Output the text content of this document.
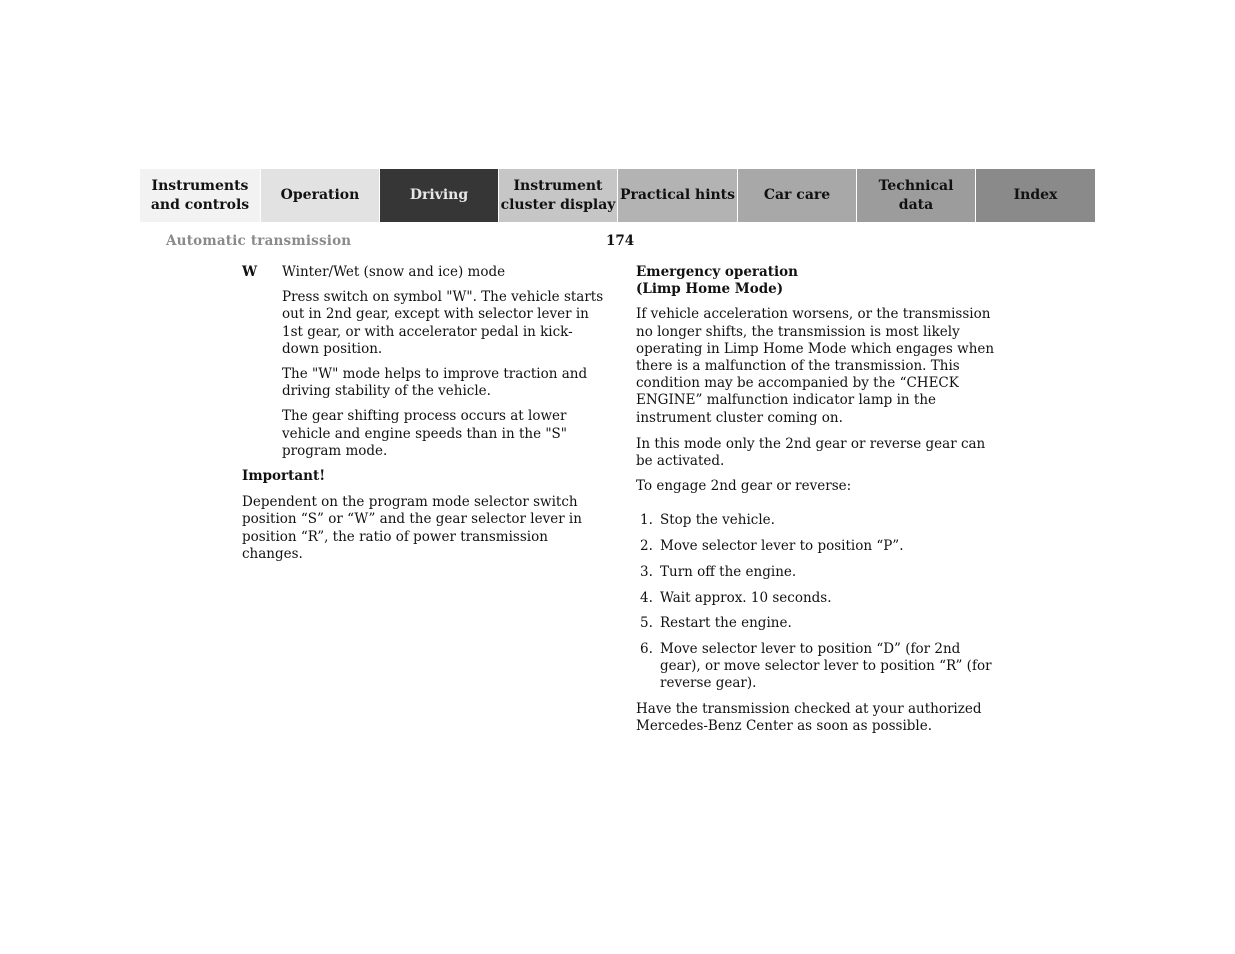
Instruments
and controls
Operation	Driving
Instrument
cluster display
Practical hints	Car care
Technical
data
Index
Automatic transmission	174
W	Winter/Wet (snow and ice) mode

Press switch on symbol "W". The vehicle starts out in 2nd gear, except with selector lever in 1st gear, or with accelerator pedal in kick-down position.

The "W" mode helps to improve traction and driving stability of the vehicle.

The gear shifting process occurs at lower vehicle and engine speeds than in the "S" program mode.

Important!

Dependent on the program mode selector switch position “S” or “W” and the gear selector lever in position “R”, the ratio of power transmission changes.

Emergency operation

(Limp Home Mode)

If vehicle acceleration worsens, or the transmission no longer shifts, the transmission is most likely operating in Limp Home Mode which engages when there is a malfunction of the transmission. This condition may be accompanied by the “CHECK ENGINE” malfunction indicator lamp in the instrument cluster coming on.

In this mode only the 2nd gear or reverse gear can be activated.

To engage 2nd gear or reverse:

1. Stop the vehicle.
2. Move selector lever to position “P”.
3. Turn off the engine.
4. Wait approx. 10 seconds.
5. Restart the engine.
6. Move selector lever to position “D” (for 2nd gear), or move selector lever to position “R” (for reverse gear).

Have the transmission checked at your authorized Mercedes-Benz Center as soon as possible.
